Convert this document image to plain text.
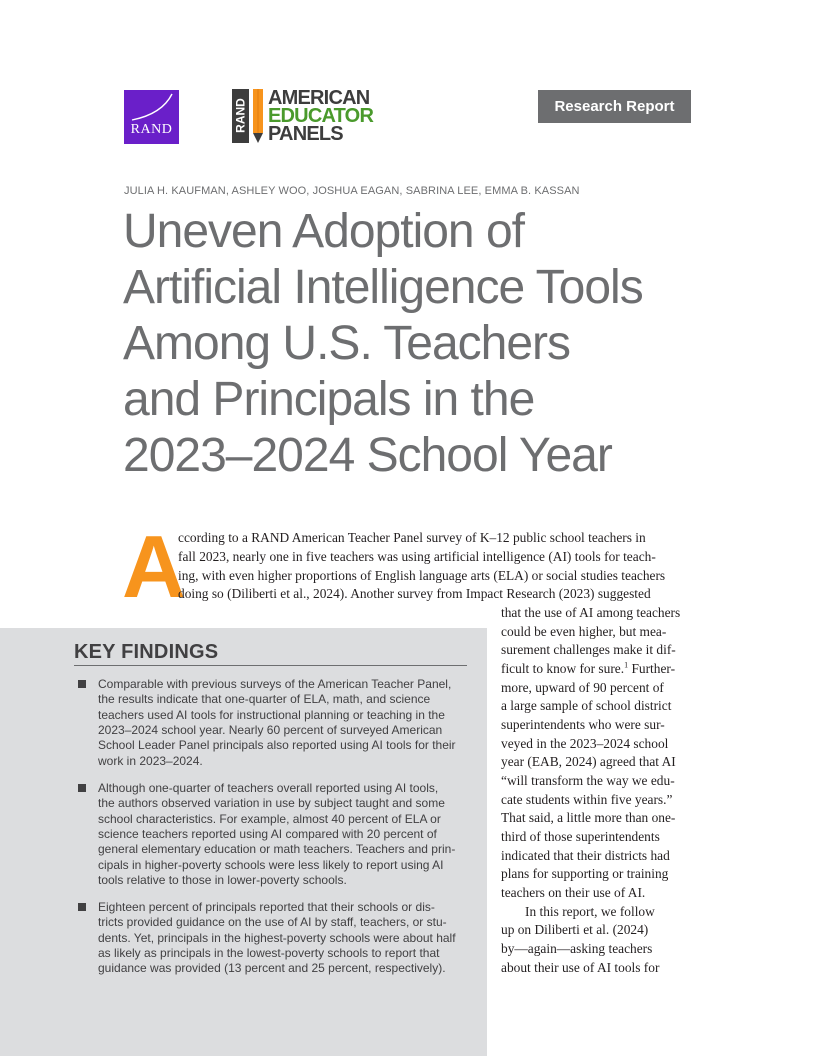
RAND	RAND
AMERICAN
EDUCATOR
PANELS
Research Report
JULIA H. KAUFMAN, ASHLEY WOO, JOSHUA EAGAN, SABRINA LEE, EMMA B. KASSAN
Uneven Adoption of
Artificial Intelligence Tools
Among U.S. Teachers
and Principals in the
2023–2024 School Year
A
ccording to a RAND American Teacher Panel survey of K–12 public school teachers in
fall 2023, nearly one in five teachers was using artificial intelligence (AI) tools for teach-
ing, with even higher proportions of English language arts (ELA) or social studies teachers
doing so (Diliberti et al., 2024). Another survey from Impact Research (2023) suggested
that the use of AI among teachers
could be even higher, but mea-
surement challenges make it dif-
ficult to know for sure.$^1$ Further-
more, upward of 90 percent of
a large sample of school district
superintendents who were sur-
veyed in the 2023–2024 school
year (EAB, 2024) agreed that AI
“will transform the way we edu-
cate students within five years.”
That said, a little more than one-
third of those superintendents
indicated that their districts had
plans for supporting or training
teachers on their use of AI.
In this report, we follow
up on Diliberti et al. (2024)
by—again—asking teachers
about their use of AI tools for
KEY FINDINGS
Comparable with previous surveys of the American Teacher Panel,
the results indicate that one-quarter of ELA, math, and science
teachers used AI tools for instructional planning or teaching in the
2023–2024 school year. Nearly 60 percent of surveyed American
School Leader Panel principals also reported using AI tools for their
work in 2023–2024.
Although one-quarter of teachers overall reported using AI tools,
the authors observed variation in use by subject taught and some
school characteristics. For example, almost 40 percent of ELA or
science teachers reported using AI compared with 20 percent of
general elementary education or math teachers. Teachers and prin-
cipals in higher-poverty schools were less likely to report using AI
tools relative to those in lower-poverty schools.
Eighteen percent of principals reported that their schools or dis-
tricts provided guidance on the use of AI by staff, teachers, or stu-
dents. Yet, principals in the highest-poverty schools were about half
as likely as principals in the lowest-poverty schools to report that
guidance was provided (13 percent and 25 percent, respectively).
